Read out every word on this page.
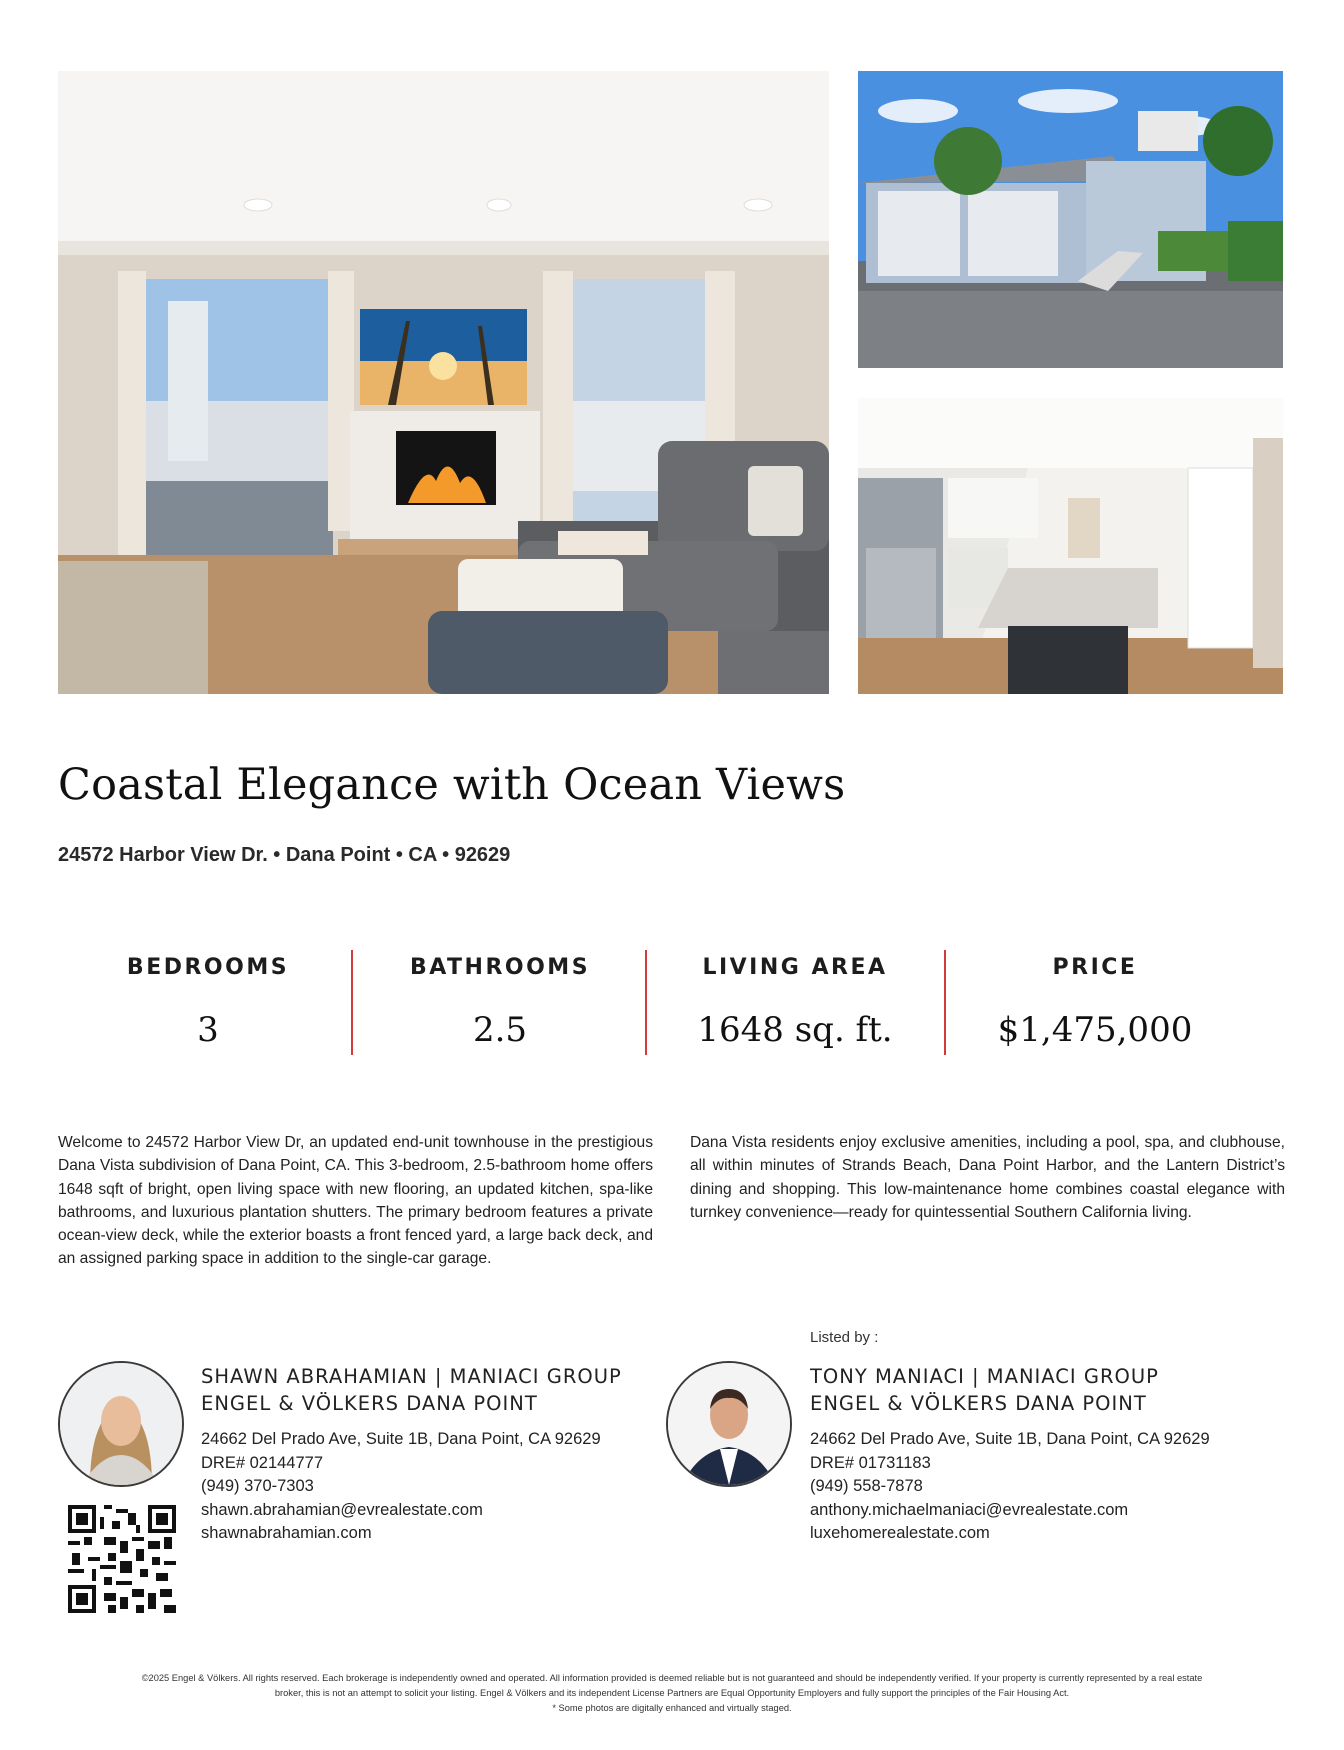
Coastal Elegance with Ocean Views
24572 Harbor View Dr. • Dana Point • CA • 92629
BEDROOMS
3
BATHROOMS
2.5
LIVING AREA
1648 sq. ft.
PRICE
$1,475,000
Welcome to 24572 Harbor View Dr, an updated end-unit townhouse in the prestigious Dana Vista subdivision of Dana Point, CA. This 3-bedroom, 2.5-bathroom home offers 1648 sqft of bright, open living space with new flooring, an updated kitchen, spa-like bathrooms, and luxurious plantation shutters. The primary bedroom features a private ocean-view deck, while the exterior boasts a front fenced yard, a large back deck, and an assigned parking space in addition to the single-car garage.
Dana Vista residents enjoy exclusive amenities, including a pool, spa, and clubhouse, all within minutes of Strands Beach, Dana Point Harbor, and the Lantern District’s dining and shopping. This low-maintenance home combines coastal elegance with turnkey convenience—ready for quintessential Southern California living.
Listed by :
SHAWN ABRAHAMIAN | MANIACI GROUP
ENGEL & VÖLKERS DANA POINT
24662 Del Prado Ave, Suite 1B, Dana Point, CA 92629
DRE# 02144777
(949) 370-7303
shawn.abrahamian@evrealestate.com
shawnabrahamian.com
TONY MANIACI | MANIACI GROUP
ENGEL & VÖLKERS DANA POINT
24662 Del Prado Ave, Suite 1B, Dana Point, CA 92629
DRE# 01731183
(949) 558-7878
anthony.michaelmaniaci@evrealestate.com
luxehomerealestate.com
©2025 Engel & Völkers. All rights reserved. Each brokerage is independently owned and operated. All information provided is deemed reliable but is not guaranteed and should be independently verified. If your property is currently represented by a real estate
broker, this is not an attempt to solicit your listing. Engel & Völkers and its independent License Partners are Equal Opportunity Employers and fully support the principles of the Fair Housing Act.
* Some photos are digitally enhanced and virtually staged.
